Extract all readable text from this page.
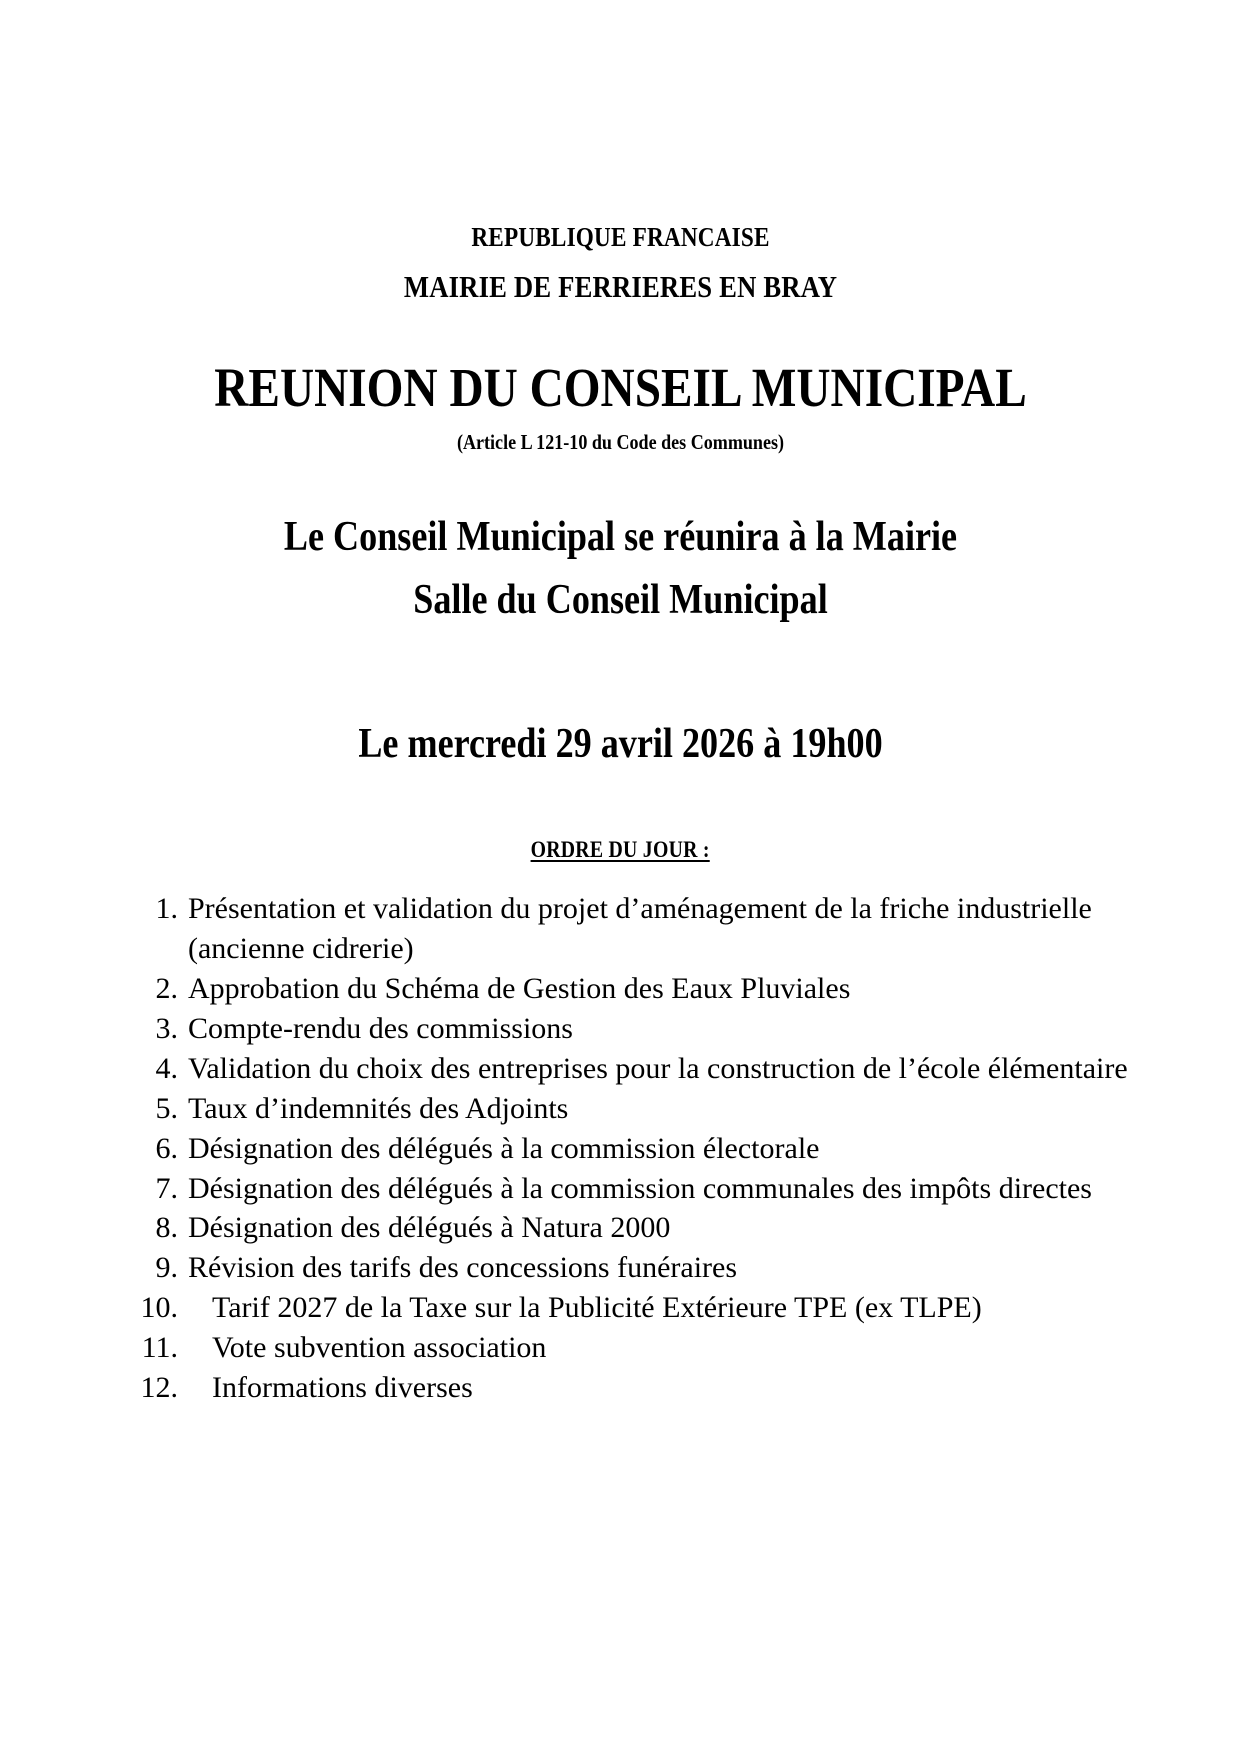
REPUBLIQUE FRANCAISE
MAIRIE DE FERRIERES EN BRAY
REUNION DU CONSEIL MUNICIPAL
(Article L 121-10 du Code des Communes)
Le Conseil Municipal se réunira à la Mairie
Salle du Conseil Municipal
Le mercredi 29 avril 2026 à 19h00
ORDRE DU JOUR :
1. Présentation et validation du projet d’aménagement de la friche industrielle (ancienne cidrerie)
2. Approbation du Schéma de Gestion des Eaux Pluviales
3. Compte-rendu des commissions
4. Validation du choix des entreprises pour la construction de l’école élémentaire
5. Taux d’indemnités des Adjoints
6. Désignation des délégués à la commission électorale
7. Désignation des délégués à la commission communales des impôts directes
8. Désignation des délégués à Natura 2000
9. Révision des tarifs des concessions funéraires
10.	Tarif 2027 de la Taxe sur la Publicité Extérieure TPE (ex TLPE)
11.	Vote subvention association
12.	Informations diverses
